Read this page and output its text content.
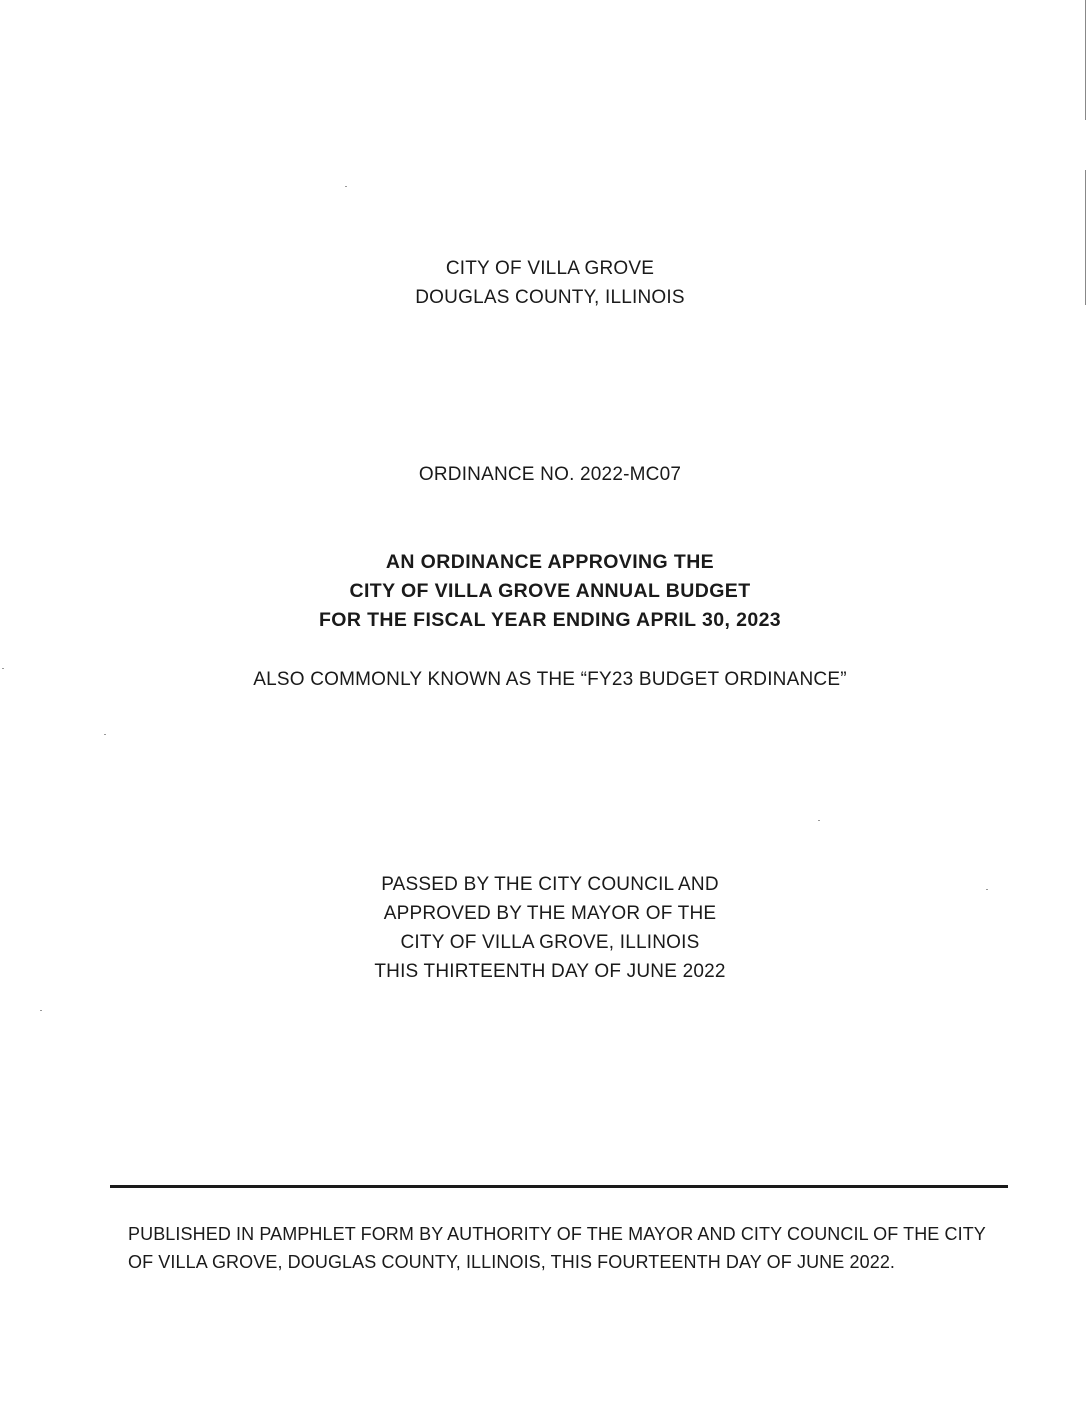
CITY OF VILLA GROVE
DOUGLAS COUNTY, ILLINOIS
ORDINANCE NO. 2022-MC07
AN ORDINANCE APPROVING THE
CITY OF VILLA GROVE ANNUAL BUDGET
FOR THE FISCAL YEAR ENDING APRIL 30, 2023
ALSO COMMONLY KNOWN AS THE “FY23 BUDGET ORDINANCE”
PASSED BY THE CITY COUNCIL AND
APPROVED BY THE MAYOR OF THE
CITY OF VILLA GROVE, ILLINOIS
THIS THIRTEENTH DAY OF JUNE 2022
PUBLISHED IN PAMPHLET FORM BY AUTHORITY OF THE MAYOR AND CITY COUNCIL OF THE CITY
OF VILLA GROVE, DOUGLAS COUNTY, ILLINOIS, THIS FOURTEENTH DAY OF JUNE 2022.
